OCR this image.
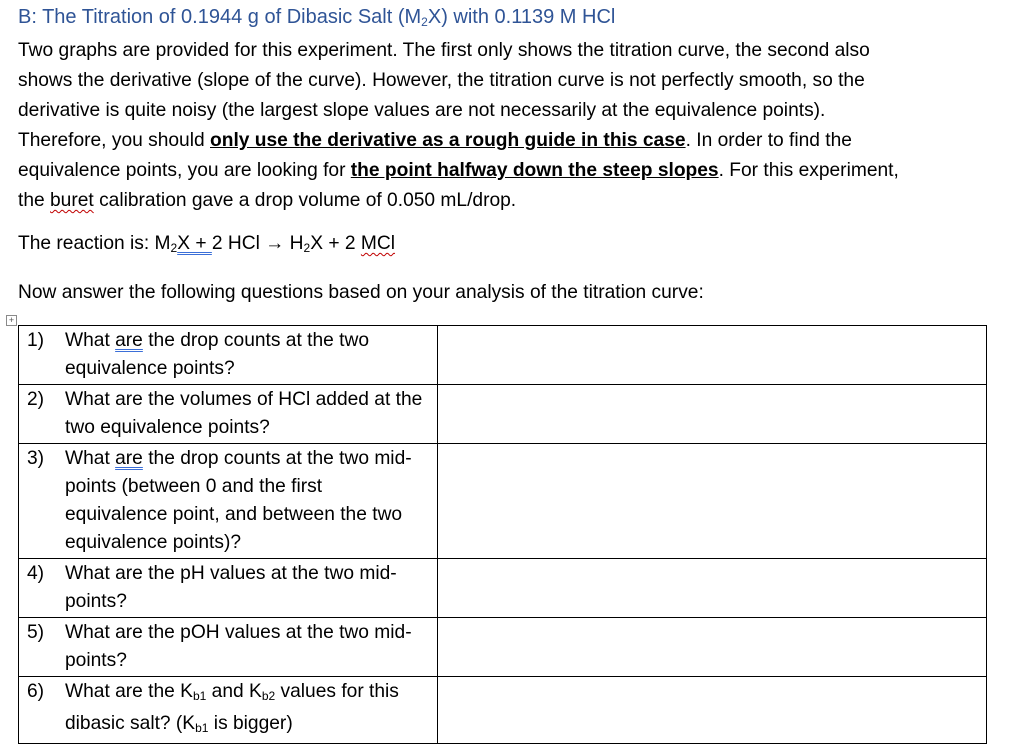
B: The Titration of 0.1944 g of Dibasic Salt $(M_2X)$ with 0.1139 M HCl
Two graphs are provided for this experiment. The first only shows the titration curve, the second also
shows the derivative (slope of the curve). However, the titration curve is not perfectly smooth, so the
derivative is quite noisy (the largest slope values are not necessarily at the equivalence points).
Therefore, you should only use the derivative as a rough guide in this case. In order to find the
equivalence points, you are looking for the point halfway down the steep slopes. For this experiment,
the buret calibration gave a drop volume of 0.050 mL/drop.
The reaction is: $M_2X + 2$ HCl → $H_2X + 2$ MCl
Now answer the following questions based on your analysis of the titration curve:
+
1) What are the drop counts at the two equivalence points?	

2) What are the volumes of HCl added at the two equivalence points?	

3) What are the drop counts at the two mid-points (between 0 and the first equivalence point, and between the two equivalence points)?	

4) What are the pH values at the two mid-points?	

5) What are the pOH values at the two mid-points?	

6) What are the $K_{b1}$ and $K_{b2}$ values for this dibasic salt? ($K_{b1}$ is bigger)	
